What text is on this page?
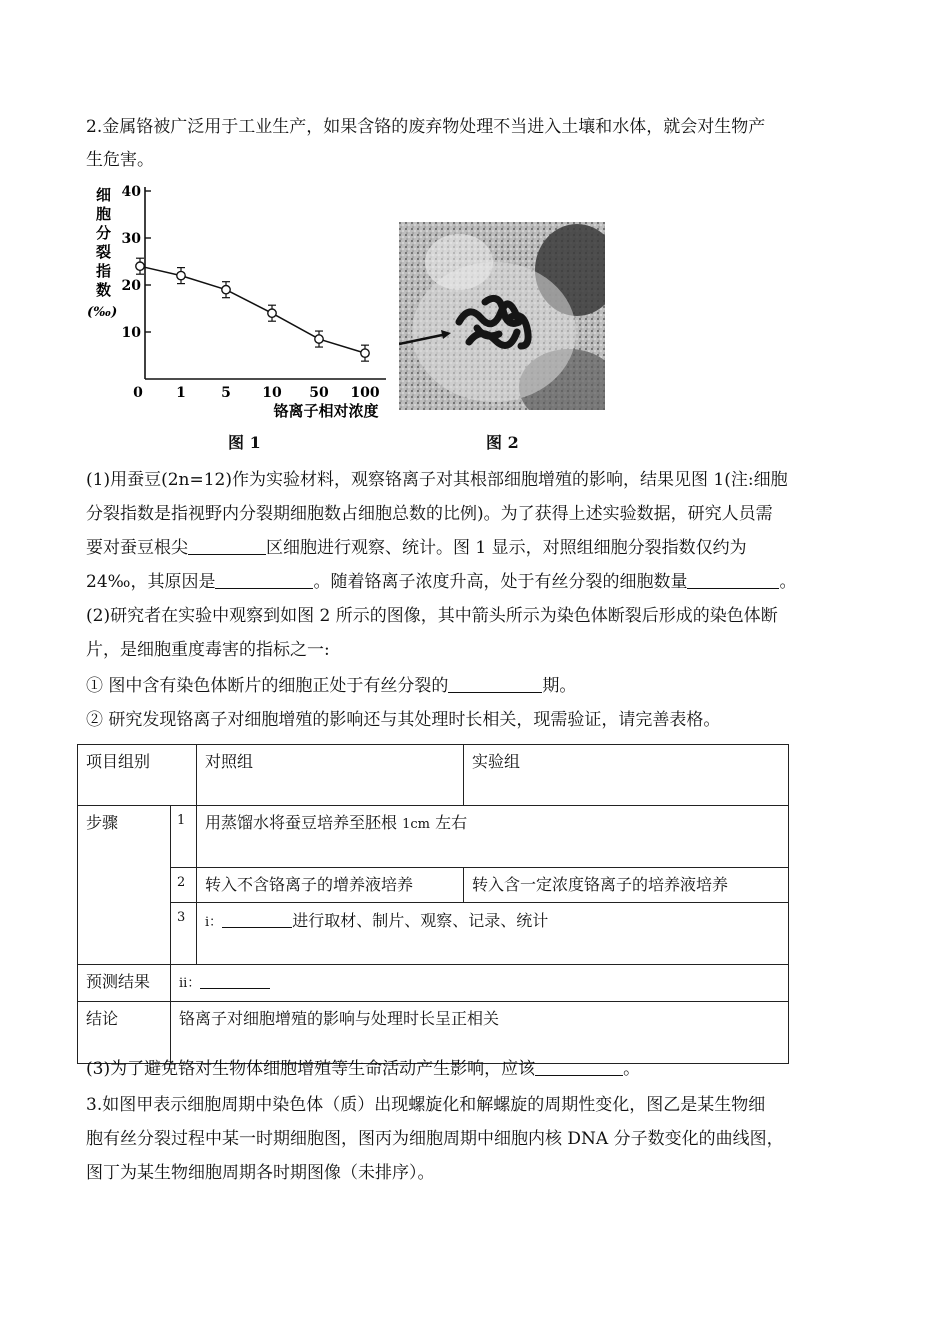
2.金属铬被广泛用于工业生产，如果含铬的废弃物处理不当进入土壤和水体，就会对生物产

生危害。

10
20
30
40
细
胞
分
裂
指
数
(‰)
0 1	5 10 50 100
铬离子相对浓度
图 1	图 2

(1)用蚕豆(2n=12)作为实验材料，观察铬离子对其根部细胞增殖的影响，结果见图 1(注:细胞

分裂指数是指视野内分裂期细胞数占细胞总数的比例)。为了获得上述实验数据，研究人员需

要对蚕豆根尖	区细胞进行观察、统计。图 1 显示，对照组细胞分裂指数仅约为

24‰，其原因是	。随着铬离子浓度升高，处于有丝分裂的细胞数量	。

(2)研究者在实验中观察到如图 2 所示的图像，其中箭头所示为染色体断裂后形成的染色体断

片，是细胞重度毒害的指标之一:

① 图中含有染色体断片的细胞正处于有丝分裂的	期。

② 研究发现铬离子对细胞增殖的影响还与其处理时长相关，现需验证，请完善表格。

项目组别		对照组	实验组
步骤	1	用蒸馏水将蚕豆培养至胚根 1cm 左右	
	2	转入不含铬离子的增养液培养	转入含一定浓度铬离子的培养液培养
	3	i： 进行取材、制片、观察、记录、统计	
预测结果	ii：		
结论	铬离子对细胞增殖的影响与处理时长呈正相关		

(3)为了避免铬对生物体细胞增殖等生命活动产生影响，应该	。

3.如图甲表示细胞周期中染色体（质）出现螺旋化和解螺旋的周期性变化，图乙是某生物细

胞有丝分裂过程中某一时期细胞图，图丙为细胞周期中细胞内核 DNA 分子数变化的曲线图，

图丁为某生物细胞周期各时期图像（未排序）。
